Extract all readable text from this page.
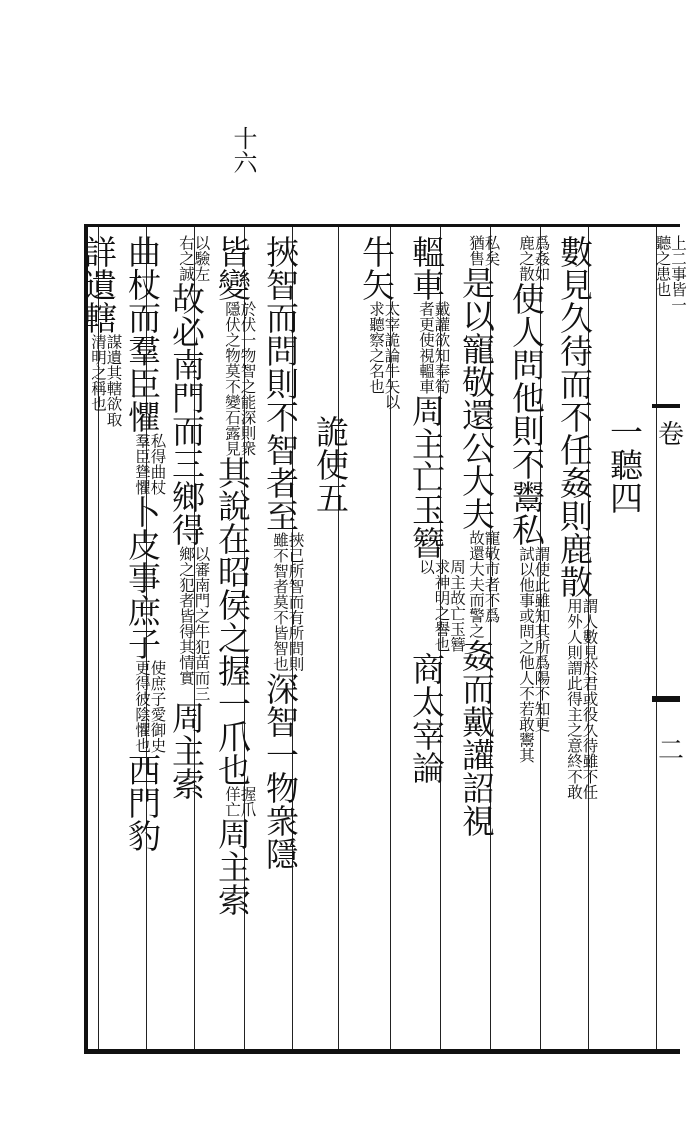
十六
上二事皆一
聽之患也
一聽四
數見久待而不任姦則鹿散
謂人數見於君或役久待雖不任
用外人則謂此得主之意終不敢
爲姦如
鹿之散
使人問他則不鬻私
謂使此雖知其所爲陽不知更
試以他事或問之他人不若敢鬻其
私矣
猶售
是以寵敬還公大夫
寵敬市者不爲
故還大夫而警之
姦而戴讙詔視
轀車
戴讙欲知奉筍
者更使視轀車
周主亡玉簪
周主故亡玉簪
求神明之譽也
以
商太宰論
牛矢
太宰詭論牛矢以
求聽察之名也
詭使五
挾智而問則不智者至
挾已所智而有所問則
雖不智者莫不皆智也
深智一物衆隱
皆變
於伏一物智之能深則衆
隱伏之物莫不變石露見
其說在昭侯之握一爪也
握爪
佯亡
周主索
以驗左
右之誠
故必南門而三鄉得
以審南門之牛犯苗而三
鄉之犯者皆得其情實
周主索
曲杖而羣臣懼
私得曲杖
羣臣聳懼
卜皮事庶子
使庶子愛御史
更得彼陰懼也
西門豹
詳遺轄
謀遺其轄欲取
清明之稱也
卷
二
